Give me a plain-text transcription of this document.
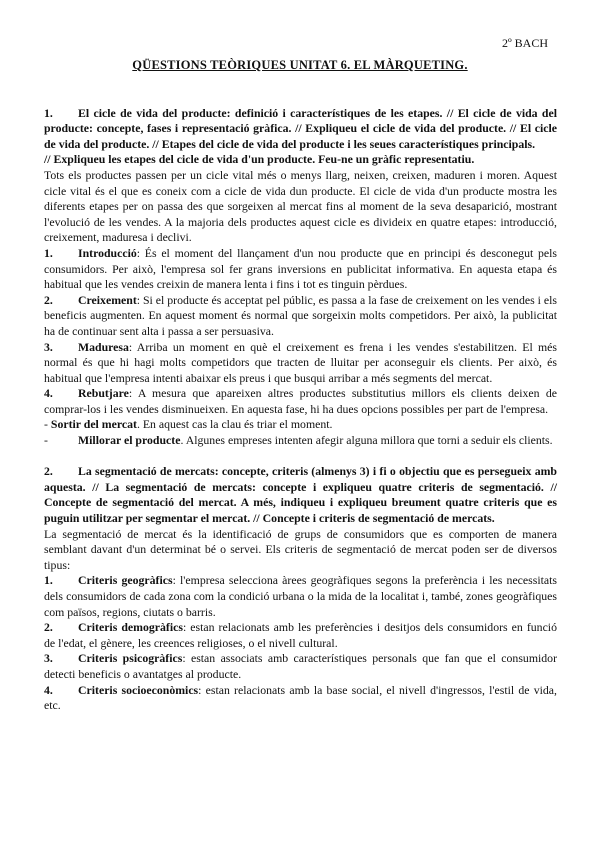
2º BACH
QÜESTIONS TEÒRIQUES UNITAT 6. EL MÀRQUETING.

1. El cicle de vida del producte: definició i característiques de les etapes. // El cicle de vida del producte: concepte, fases i representació gràfica. // Expliqueu el cicle de vida del producte. // El cicle de vida del producte. // Etapes del cicle de vida del producte i les seues característiques principals.

// Expliqueu les etapes del cicle de vida d'un producte. Feu-ne un gràfic representatiu.

Tots els productes passen per un cicle vital més o menys llarg, neixen, creixen, maduren i moren. Aquest cicle vital és el que es coneix com a cicle de vida dun producte. El cicle de vida d'un producte mostra les diferents etapes per on passa des que sorgeixen al mercat fins al moment de la seva desaparició, mostrant l'evolució de les vendes. A la majoria dels productes aquest cicle es divideix en quatre etapes: introducció, creixement, maduresa i declivi.

1. Introducció: És el moment del llançament d'un nou producte que en principi és desconegut pels consumidors. Per això, l'empresa sol fer grans inversions en publicitat informativa. En aquesta etapa és habitual que les vendes creixin de manera lenta i fins i tot es tinguin pèrdues.

2. Creixement: Si el producte és acceptat pel públic, es passa a la fase de creixement on les vendes i els beneficis augmenten. En aquest moment és normal que sorgeixin molts competidors. Per això, la publicitat ha de continuar sent alta i passa a ser persuasiva.

3. Maduresa: Arriba un moment en què el creixement es frena i les vendes s'estabilitzen. El més normal és que hi hagi molts competidors que tracten de lluitar per aconseguir els clients. Per això, és habitual que l'empresa intenti abaixar els preus i que busqui arribar a més segments del mercat.

4. Rebutjare: A mesura que apareixen altres productes substitutius millors els clients deixen de comprar-los i les vendes disminueixen. En aquesta fase, hi ha dues opcions possibles per part de l'empresa.

- Sortir del mercat. En aquest cas la clau és triar el moment.

-	Millorar el producte. Algunes empreses intenten afegir alguna millora que torni a seduir els clients.

2. La segmentació de mercats: concepte, criteris (almenys 3) i fi o objectiu que es persegueix amb aquesta. // La segmentació de mercats: concepte i expliqueu quatre criteris de segmentació. // Concepte de segmentació del mercat. A més, indiqueu i expliqueu breument quatre criteris que es puguin utilitzar per segmentar el mercat. // Concepte i criteris de segmentació de mercats.

La segmentació de mercat és la identificació de grups de consumidors que es comporten de manera semblant davant d'un determinat bé o servei. Els criteris de segmentació de mercat poden ser de diversos tipus:

1. Criteris geogràfics: l'empresa selecciona àrees geogràfiques segons la preferència i les necessitats dels consumidors de cada zona com la condició urbana o la mida de la localitat i, també, zones geogràfiques com països, regions, ciutats o barris.

2. Criteris demogràfics: estan relacionats amb les preferències i desitjos dels consumidors en funció de l'edat, el gènere, les creences religioses, o el nivell cultural.

3. Criteris psicogràfics: estan associats amb característiques personals que fan que el consumidor detecti beneficis o avantatges al producte.

4. Criteris socioeconòmics: estan relacionats amb la base social, el nivell d'ingressos, l'estil de vida, etc.
